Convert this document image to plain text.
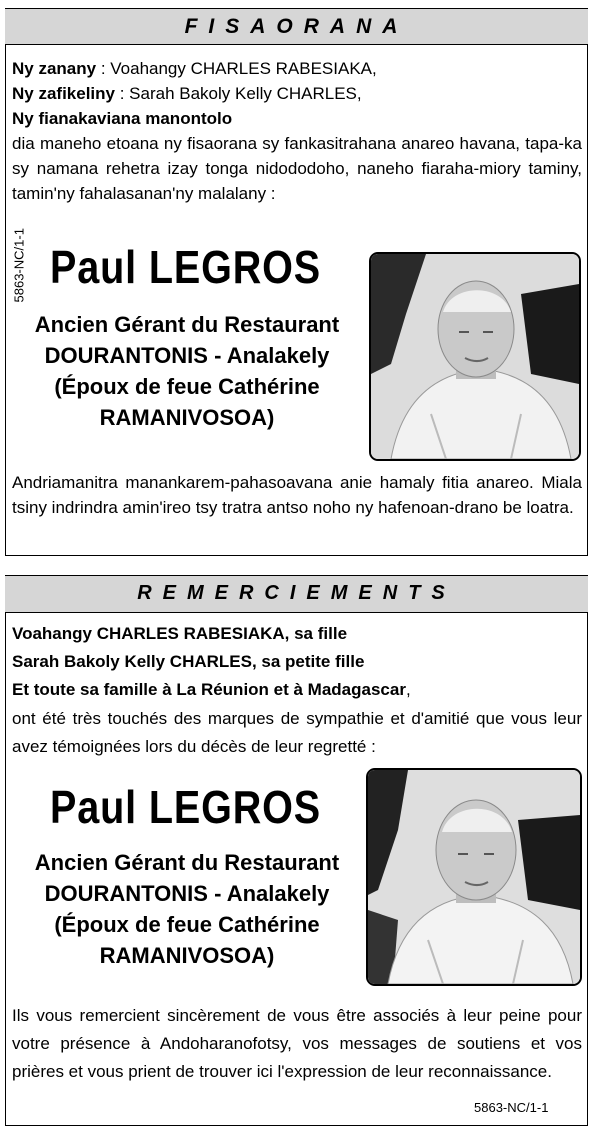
FISAORANA
Ny zanany : Voahangy CHARLES RABESIAKA,
Ny zafikeliny : Sarah Bakoly Kelly CHARLES,
Ny fianakaviana manontolo
dia maneho etoana ny fisaorana sy fankasitrahana anareo havana, tapa-ka sy namana rehetra izay tonga nidododoho, naneho fiaraha-miory taminy, tamin'ny fahalasanan'ny malalany :
5863-NC/1-1 Paul LEGROS
Ancien Gérant du Restaurant
DOURANTONIS - Analakely
(Époux de feue Cathérine
RAMANIVOSOA)
Andriamanitra manankarem-pahasoavana anie hamaly fitia anareo. Miala tsiny indrindra amin'ireo tsy tratra antso noho ny hafenoan-drano be loatra.
REMERCIEMENTS
Voahangy CHARLES RABESIAKA, sa fille
Sarah Bakoly Kelly CHARLES, sa petite fille
Et toute sa famille à La Réunion et à Madagascar,
ont été très touchés des marques de sympathie et d'amitié que vous leur avez témoignées lors du décès de leur regretté :
Paul LEGROS
Ancien Gérant du Restaurant
DOURANTONIS - Analakely
(Époux de feue Cathérine
RAMANIVOSOA)
Ils vous remercient sincèrement de vous être associés à leur peine pour votre présence à Andoharanofotsy, vos messages de soutiens et vos prières et vous prient de trouver ici l'expression de leur reconnaissance.
5863-NC/1-1
